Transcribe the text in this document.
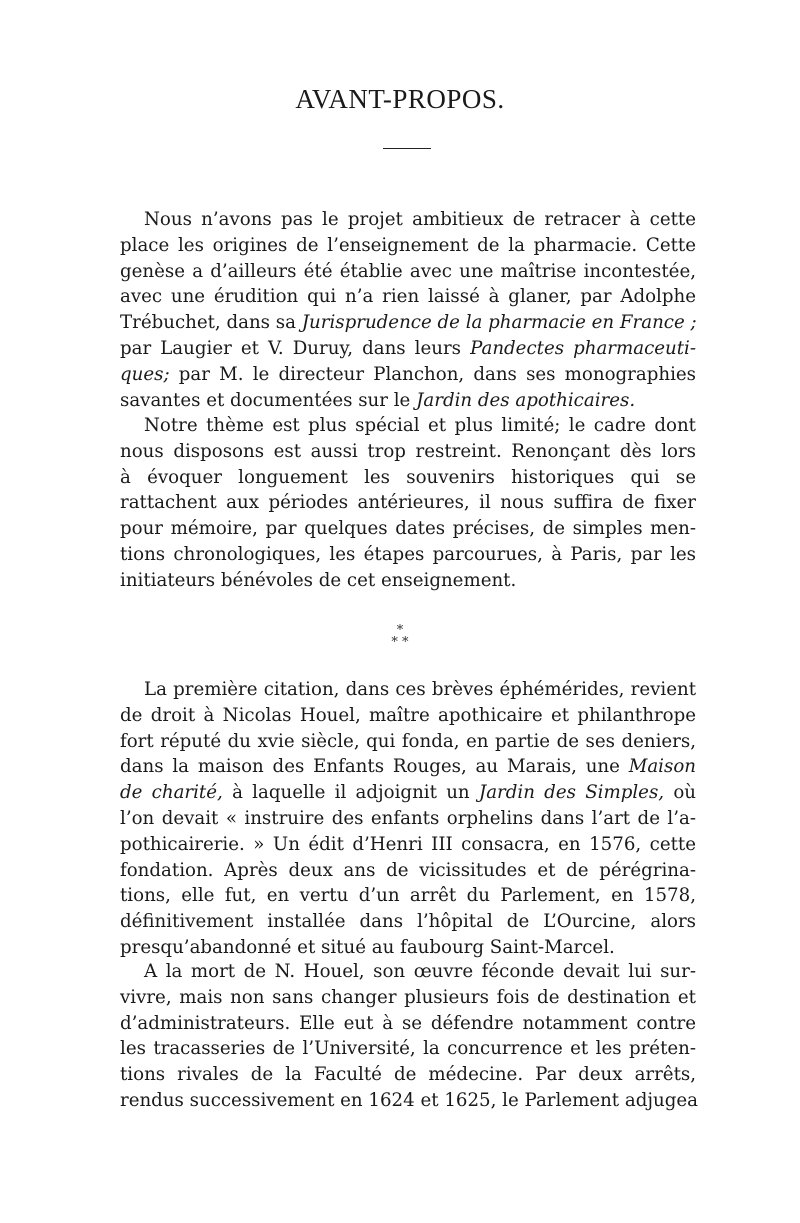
AVANT-PROPOS.
Nous n’avons pas le projet ambitieux de retracer à cette
place les origines de l’enseignement de la pharmacie. Cette
genèse a d’ailleurs été établie avec une maîtrise incontestée,
avec une érudition qui n’a rien laissé à glaner, par Adolphe
Trébuchet, dans sa Jurisprudence de la pharmacie en France ;
par Laugier et V. Duruy, dans leurs Pandectes pharmaceuti-
ques; par M. le directeur Planchon, dans ses monographies
savantes et documentées sur le Jardin des apothicaires.
Notre thème est plus spécial et plus limité; le cadre dont
nous disposons est aussi trop restreint. Renonçant dès lors
à évoquer longuement les souvenirs historiques qui se
rattachent aux périodes antérieures, il nous suffira de fixer
pour mémoire, par quelques dates précises, de simples men-
tions chronologiques, les étapes parcourues, à Paris, par les
initiateurs bénévoles de cet enseignement.
*
* *
La première citation, dans ces brèves éphémérides, revient
de droit à Nicolas Houel, maître apothicaire et philanthrope
fort réputé du xvie siècle, qui fonda, en partie de ses deniers,
dans la maison des Enfants Rouges, au Marais, une Maison
de charité, à laquelle il adjoignit un Jardin des Simples, où
l’on devait « instruire des enfants orphelins dans l’art de l’a-
pothicairerie. » Un édit d’Henri III consacra, en 1576, cette
fondation. Après deux ans de vicissitudes et de pérégrina-
tions, elle fut, en vertu d’un arrêt du Parlement, en 1578,
définitivement installée dans l’hôpital de L’Ourcine, alors
presqu’abandonné et situé au faubourg Saint-Marcel.
A la mort de N. Houel, son œuvre féconde devait lui sur-
vivre, mais non sans changer plusieurs fois de destination et
d’administrateurs. Elle eut à se défendre notamment contre
les tracasseries de l’Université, la concurrence et les préten-
tions rivales de la Faculté de médecine. Par deux arrêts,
rendus successivement en 1624 et 1625, le Parlement adjugea
